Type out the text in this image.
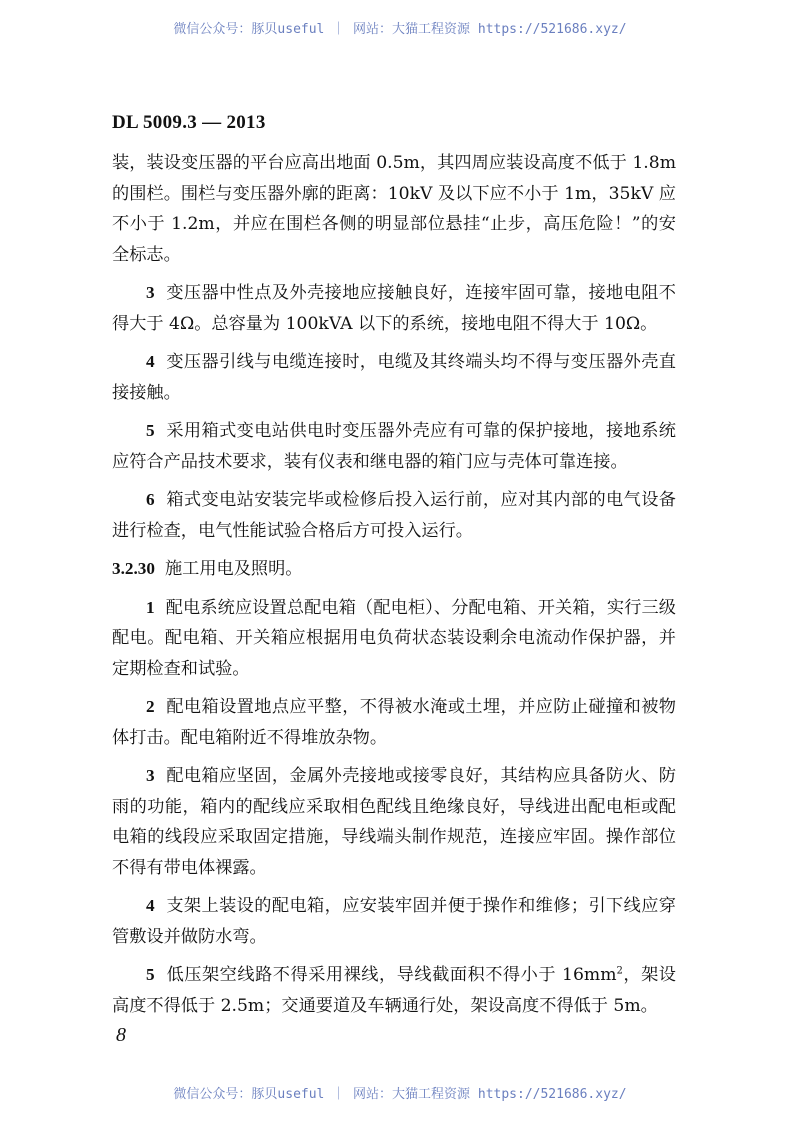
微信公众号：豚贝useful ｜ 网站：大猫工程资源 https://521686.xyz/
DL 5009.3 — 2013

装，装设变压器的平台应高出地面 0.5m，其四周应装设高度不低于 1.8m 的围栏。围栏与变压器外廓的距离：10kV 及以下应不小于 1m，35kV 应不小于 1.2m，并应在围栏各侧的明显部位悬挂“止步，高压危险！”的安全标志。

3 变压器中性点及外壳接地应接触良好，连接牢固可靠，接地电阻不得大于 4Ω。总容量为 100kVA 以下的系统，接地电阻不得大于 10Ω。

4 变压器引线与电缆连接时，电缆及其终端头均不得与变压器外壳直接接触。

5 采用箱式变电站供电时变压器外壳应有可靠的保护接地，接地系统应符合产品技术要求，装有仪表和继电器的箱门应与壳体可靠连接。

6 箱式变电站安装完毕或检修后投入运行前，应对其内部的电气设备进行检查，电气性能试验合格后方可投入运行。

3.2.30 施工用电及照明。

1 配电系统应设置总配电箱（配电柜）、分配电箱、开关箱，实行三级配电。配电箱、开关箱应根据用电负荷状态装设剩余电流动作保护器，并定期检查和试验。

2 配电箱设置地点应平整，不得被水淹或土埋，并应防止碰撞和被物体打击。配电箱附近不得堆放杂物。

3 配电箱应坚固，金属外壳接地或接零良好，其结构应具备防火、防雨的功能，箱内的配线应采取相色配线且绝缘良好，导线进出配电柜或配电箱的线段应采取固定措施，导线端头制作规范，连接应牢固。操作部位不得有带电体裸露。

4 支架上装设的配电箱，应安装牢固并便于操作和维修；引下线应穿管敷设并做防水弯。

5 低压架空线路不得采用裸线，导线截面积不得小于 $16mm^2$，架设高度不得低于 2.5m；交通要道及车辆通行处，架设高度不得低于 5m。

8
微信公众号：豚贝useful ｜ 网站：大猫工程资源 https://521686.xyz/
